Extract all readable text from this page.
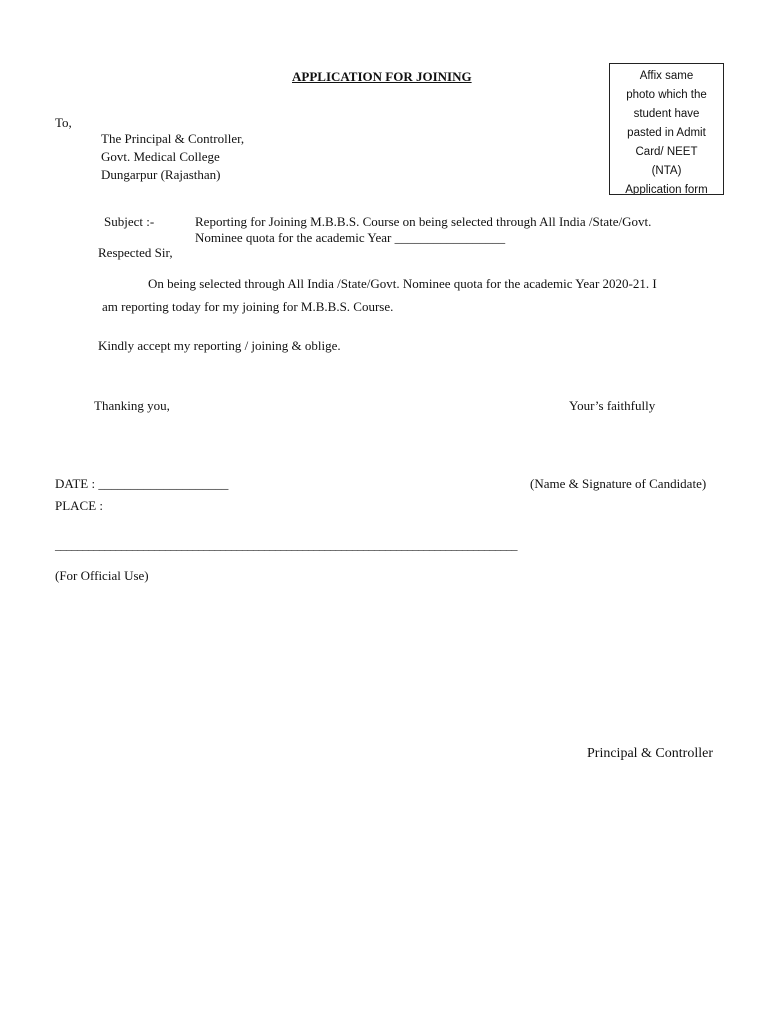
APPLICATION FOR JOINING	Affix same
photo which the
student have
pasted in Admit
Card/ NEET
(NTA)
Application form
To,
The Principal & Controller,
Govt. Medical College
Dungarpur (Rajasthan)
Subject :-	Reporting for Joining M.B.B.S. Course on being selected through All India /State/Govt.
Nominee quota for the academic Year _________________
Respected Sir,
On being selected through All India /State/Govt. Nominee quota for the academic Year 2020-21. I
am reporting today for my joining for M.B.B.S. Course.
Kindly accept my reporting / joining & oblige.
Thanking you,	Your’s faithfully
DATE : ____________________	(Name & Signature of Candidate)
PLACE :
____________________________________________________________________________________
(For Official Use)
Principal & Controller
